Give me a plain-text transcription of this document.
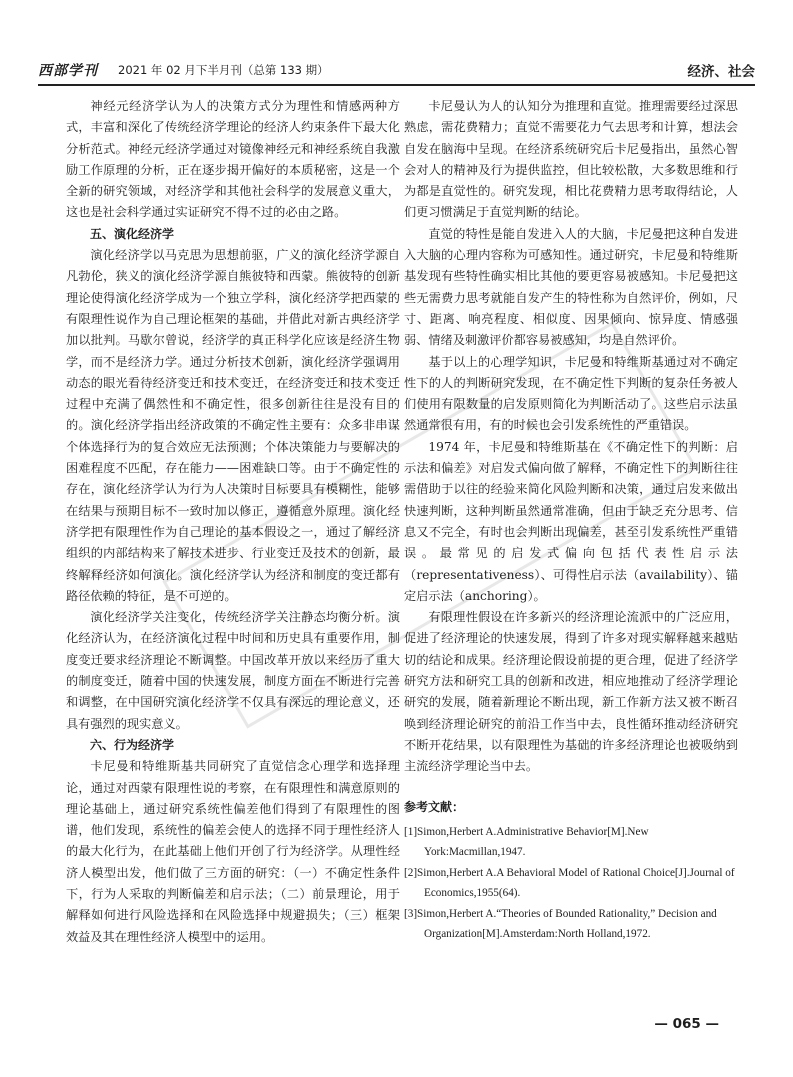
西部学刊 2021 年 02 月下半月刊（总第 133 期）	经济、社会

神经元经济学认为人的决策方式分为理性和情感两种方式，丰富和深化了传统经济学理论的经济人约束条件下最大化分析范式。神经元经济学通过对镜像神经元和神经系统自我激励工作原理的分析，正在逐步揭开偏好的本质秘密，这是一个全新的研究领域，对经济学和其他社会科学的发展意义重大，这也是社会科学通过实证研究不得不过的必由之路。

五、演化经济学

演化经济学以马克思为思想前驱，广义的演化经济学源自凡勃伦，狭义的演化经济学源自熊彼特和西蒙。熊彼特的创新理论使得演化经济学成为一个独立学科，演化经济学把西蒙的有限理性说作为自己理论框架的基础，并借此对新古典经济学加以批判。马歇尔曾说，经济学的真正科学化应该是经济生物学，而不是经济力学。通过分析技术创新，演化经济学强调用动态的眼光看待经济变迁和技术变迁，在经济变迁和技术变迁过程中充满了偶然性和不确定性，很多创新往往是没有目的的。演化经济学指出经济政策的不确定性主要有：众多非串谋个体选择行为的复合效应无法预测；个体决策能力与要解决的困难程度不匹配，存在能力——困难缺口等。由于不确定性的存在，演化经济学认为行为人决策时目标要具有模糊性，能够在结果与预期目标不一致时加以修正，遵循意外原理。演化经济学把有限理性作为自己理论的基本假设之一，通过了解经济组织的内部结构来了解技术进步、行业变迁及技术的创新，最终解释经济如何演化。演化经济学认为经济和制度的变迁都有路径依赖的特征，是不可逆的。

演化经济学关注变化，传统经济学关注静态均衡分析。演化经济认为，在经济演化过程中时间和历史具有重要作用，制度变迁要求经济理论不断调整。中国改革开放以来经历了重大的制度变迁，随着中国的快速发展，制度方面在不断进行完善和调整，在中国研究演化经济学不仅具有深远的理论意义，还具有强烈的现实意义。

六、行为经济学

卡尼曼和特维斯基共同研究了直觉信念心理学和选择理论，通过对西蒙有限理性说的考察，在有限理性和满意原则的理论基础上，通过研究系统性偏差他们得到了有限理性的图谱，他们发现，系统性的偏差会使人的选择不同于理性经济人的最大化行为，在此基础上他们开创了行为经济学。从理性经济人模型出发，他们做了三方面的研究：（一）不确定性条件下，行为人采取的判断偏差和启示法；（二）前景理论，用于解释如何进行风险选择和在风险选择中规避损失；（三）框架效益及其在理性经济人模型中的运用。

卡尼曼认为人的认知分为推理和直觉。推理需要经过深思熟虑，需花费精力；直觉不需要花力气去思考和计算，想法会自发在脑海中呈现。在经济系统研究后卡尼曼指出，虽然心智会对人的精神及行为提供监控，但比较松散，大多数思维和行为都是直觉性的。研究发现，相比花费精力思考取得结论，人们更习惯满足于直觉判断的结论。

直觉的特性是能自发进入人的大脑，卡尼曼把这种自发进入大脑的心理内容称为可感知性。通过研究，卡尼曼和特维斯基发现有些特性确实相比其他的要更容易被感知。卡尼曼把这些无需费力思考就能自发产生的特性称为自然评价，例如，尺寸、距离、响亮程度、相似度、因果倾向、惊异度、情感强弱、情绪及刺激评价都容易被感知，均是自然评价。

基于以上的心理学知识，卡尼曼和特维斯基通过对不确定性下的人的判断研究发现，在不确定性下判断的复杂任务被人们使用有限数量的启发原则简化为判断活动了。这些启示法虽然通常很有用，有的时候也会引发系统性的严重错误。

1974 年，卡尼曼和特维斯基在《不确定性下的判断：启示法和偏差》对启发式偏向做了解释，不确定性下的判断往往需借助于以往的经验来简化风险判断和决策，通过启发来做出快速判断，这种判断虽然通常准确，但由于缺乏充分思考、信息又不完全，有时也会判断出现偏差，甚至引发系统性严重错误。最常见的启发式偏向包括代表性启示法（representativeness）、可得性启示法（availability）、锚定启示法（anchoring）。

有限理性假设在许多新兴的经济理论流派中的广泛应用，促进了经济理论的快速发展，得到了许多对现实解释越来越贴切的结论和成果。经济理论假设前提的更合理，促进了经济学研究方法和研究工具的创新和改进，相应地推动了经济学理论研究的发展，随着新理论不断出现，新工作新方法又被不断召唤到经济理论研究的前沿工作当中去，良性循环推动经济研究不断开花结果，以有限理性为基础的许多经济理论也被吸纳到主流经济学理论当中去。

参考文献：
[1]Simon,Herbert A.Administrative Behavior[M].New York:Macmillan,1947.
[2]Simon,Herbert A.A Behavioral Model of Rational Choice[J].Journal of Economics,1955(64).
[3]Simon,Herbert A.“Theories of Bounded Rationality,” Decision and Organization[M].Amsterdam:North Holland,1972.
— 065 —
